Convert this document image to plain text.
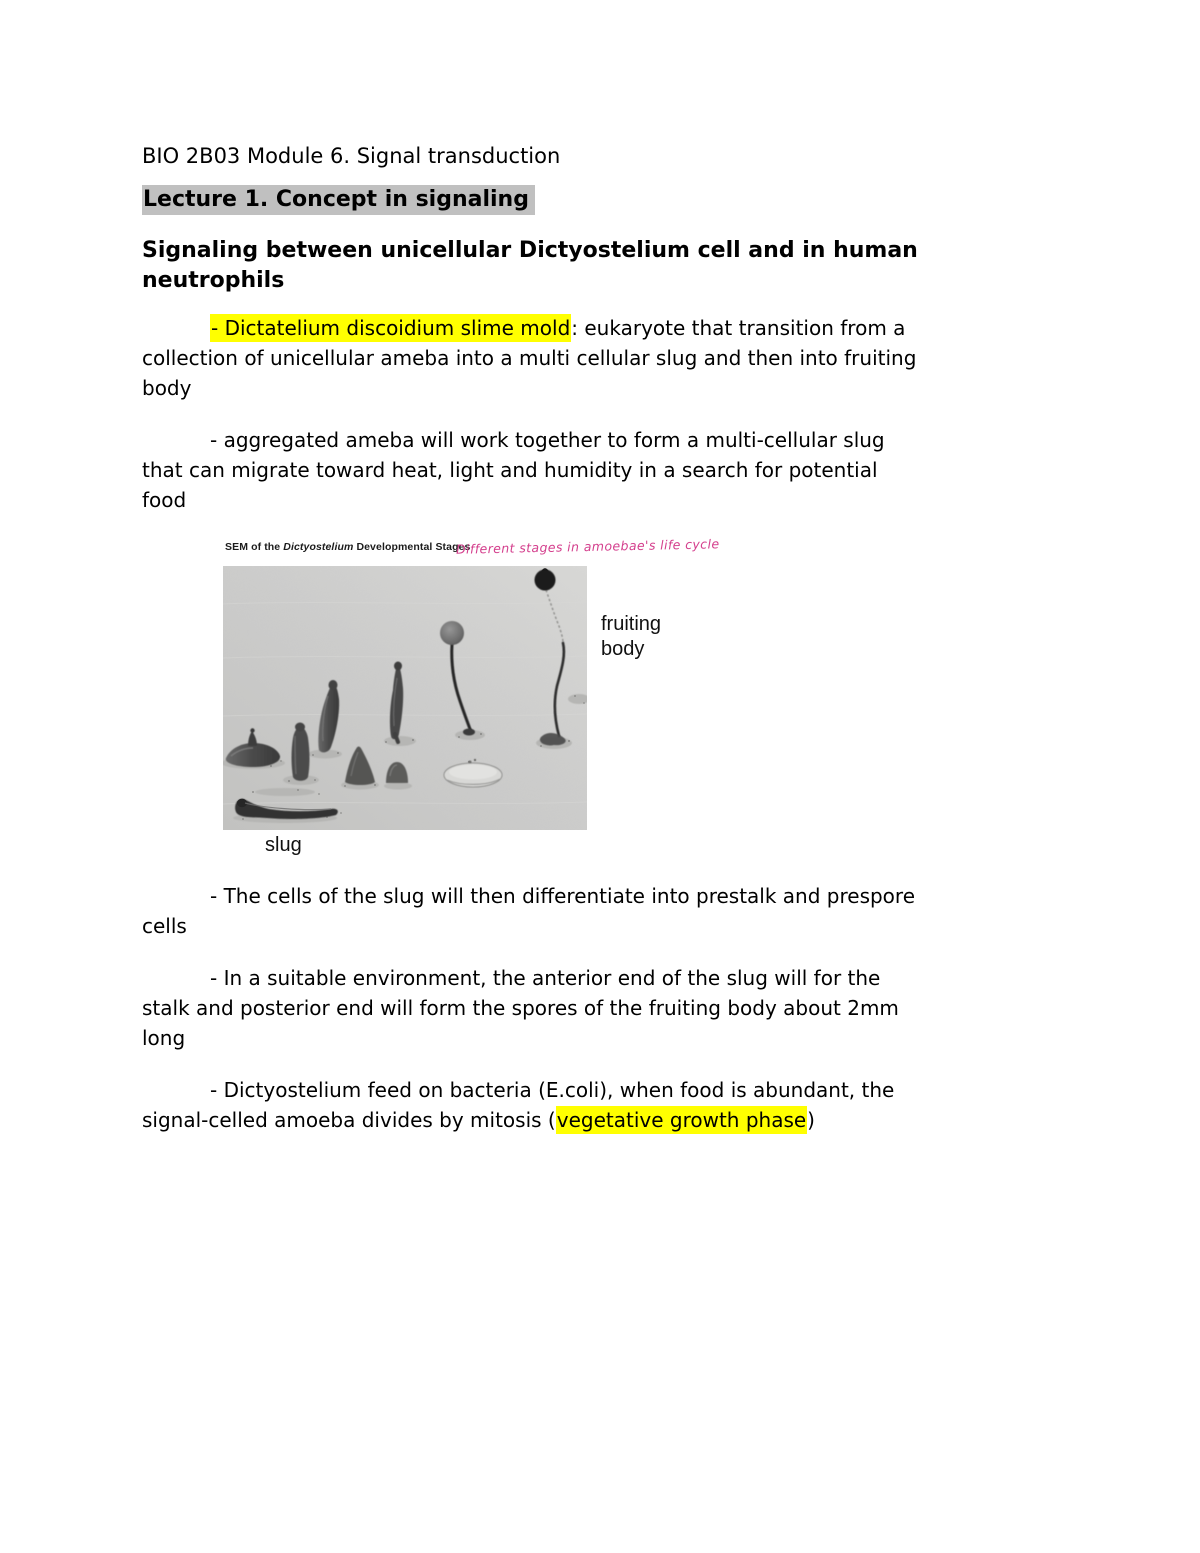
BIO 2B03 Module 6. Signal transduction

Lecture 1. Concept in signaling
Signaling between unicellular Dictyostelium cell and in human
neutrophils

- Dictatelium discoidium slime mold: eukaryote that transition from a
collection of unicellular ameba into a multi cellular slug and then into fruiting
body

- aggregated ameba will work together to form a multi-cellular slug
that can migrate toward heat, light and humidity in a search for potential
food

SEM of the Dictyostelium Developmental Stages
Different stages in amoebae's life cycle
fruiting body
slug

- The cells of the slug will then differentiate into prestalk and prespore
cells

- In a suitable environment, the anterior end of the slug will for the
stalk and posterior end will form the spores of the fruiting body about 2mm
long

- Dictyostelium feed on bacteria (E.coli), when food is abundant, the
signal-celled amoeba divides by mitosis (vegetative growth phase)
